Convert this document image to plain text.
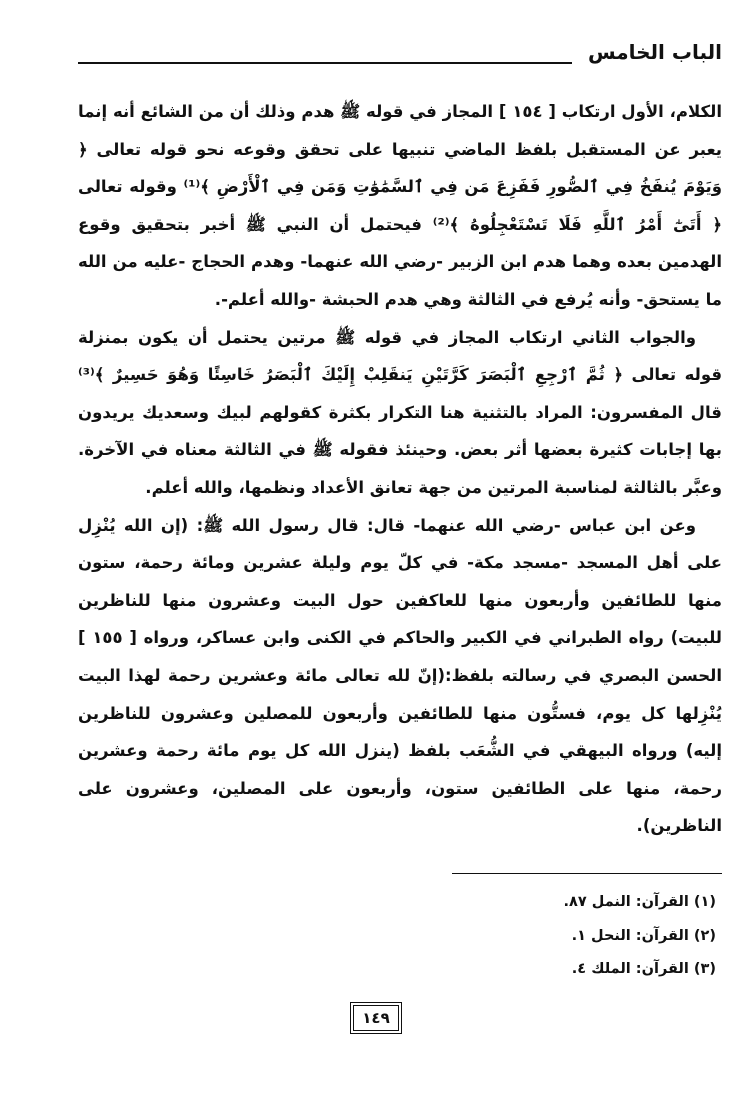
الباب الخامس

الكلام، الأول ارتكاب [ ١٥٤ ] المجاز في قوله ﷺ هدم وذلك أن من الشائع أنه إنما يعبر عن المستقبل بلفظ الماضي تنبيها على تحقق وقوعه نحو قوله تعالى ﴿ وَيَوْمَ يُنفَخُ فِي ٱلصُّورِ فَفَزِعَ مَن فِي ٱلسَّمَٰوَٰتِ وَمَن فِي ٱلْأَرْضِ ﴾⁽¹⁾ وقوله تعالى ﴿ أَتَىٰٓ أَمْرُ ٱللَّهِ فَلَا تَسْتَعْجِلُوهُ ﴾⁽²⁾ فيحتمل أن النبي ﷺ أخبر بتحقيق وقوع الهدمين بعده وهما هدم ابن الزبير -رضي الله عنهما- وهدم الحجاج -عليه من الله ما يستحق- وأنه يُرفع في الثالثة وهي هدم الحبشة -والله أعلم-.

والجواب الثاني ارتكاب المجاز في قوله ﷺ مرتين يحتمل أن يكون بمنزلة قوله تعالى ﴿ ثُمَّ ٱرْجِعِ ٱلْبَصَرَ كَرَّتَيْنِ يَنقَلِبْ إِلَيْكَ ٱلْبَصَرُ خَاسِئًا وَهُوَ حَسِيرٌ ﴾⁽³⁾ قال المفسرون: المراد بالتثنية هنا التكرار بكثرة كقولهم لبيك وسعديك يريدون بها إجابات كثيرة بعضها أثر بعض. وحينئذ فقوله ﷺ في الثالثة معناه في الآخرة. وعبَّر بالثالثة لمناسبة المرتين من جهة تعانق الأعداد ونظمها، والله أعلم.

وعن ابن عباس -رضي الله عنهما- قال: قال رسول الله ﷺ: (إن الله يُنْزِل على أهل المسجد -مسجد مكة- في كلّ يوم وليلة عشرين ومائة رحمة، ستون منها للطائفين وأربعون منها للعاكفين حول البيت وعشرون منها للناظرين للبيت) رواه الطبراني في الكبير والحاكم في الكنى وابن عساكر، ورواه [ ١٥٥ ] الحسن البصري في رسالته بلفظ:(إنّ لله تعالى مائة وعشرين رحمة لهذا البيت يُنْزِلها كل يوم، فستُّون منها للطائفين وأربعون للمصلين وعشرون للناظرين إليه) ورواه البيهقي في الشُّعَب بلفظ (ينزل الله كل يوم مائة رحمة وعشرين رحمة، منها على الطائفين ستون، وأربعون على المصلين، وعشرون على الناظرين).

(١) القرآن: النمل ٨٧.
(٢) القرآن: النحل ١.
(٣) القرآن: الملك ٤.
١٤٩
